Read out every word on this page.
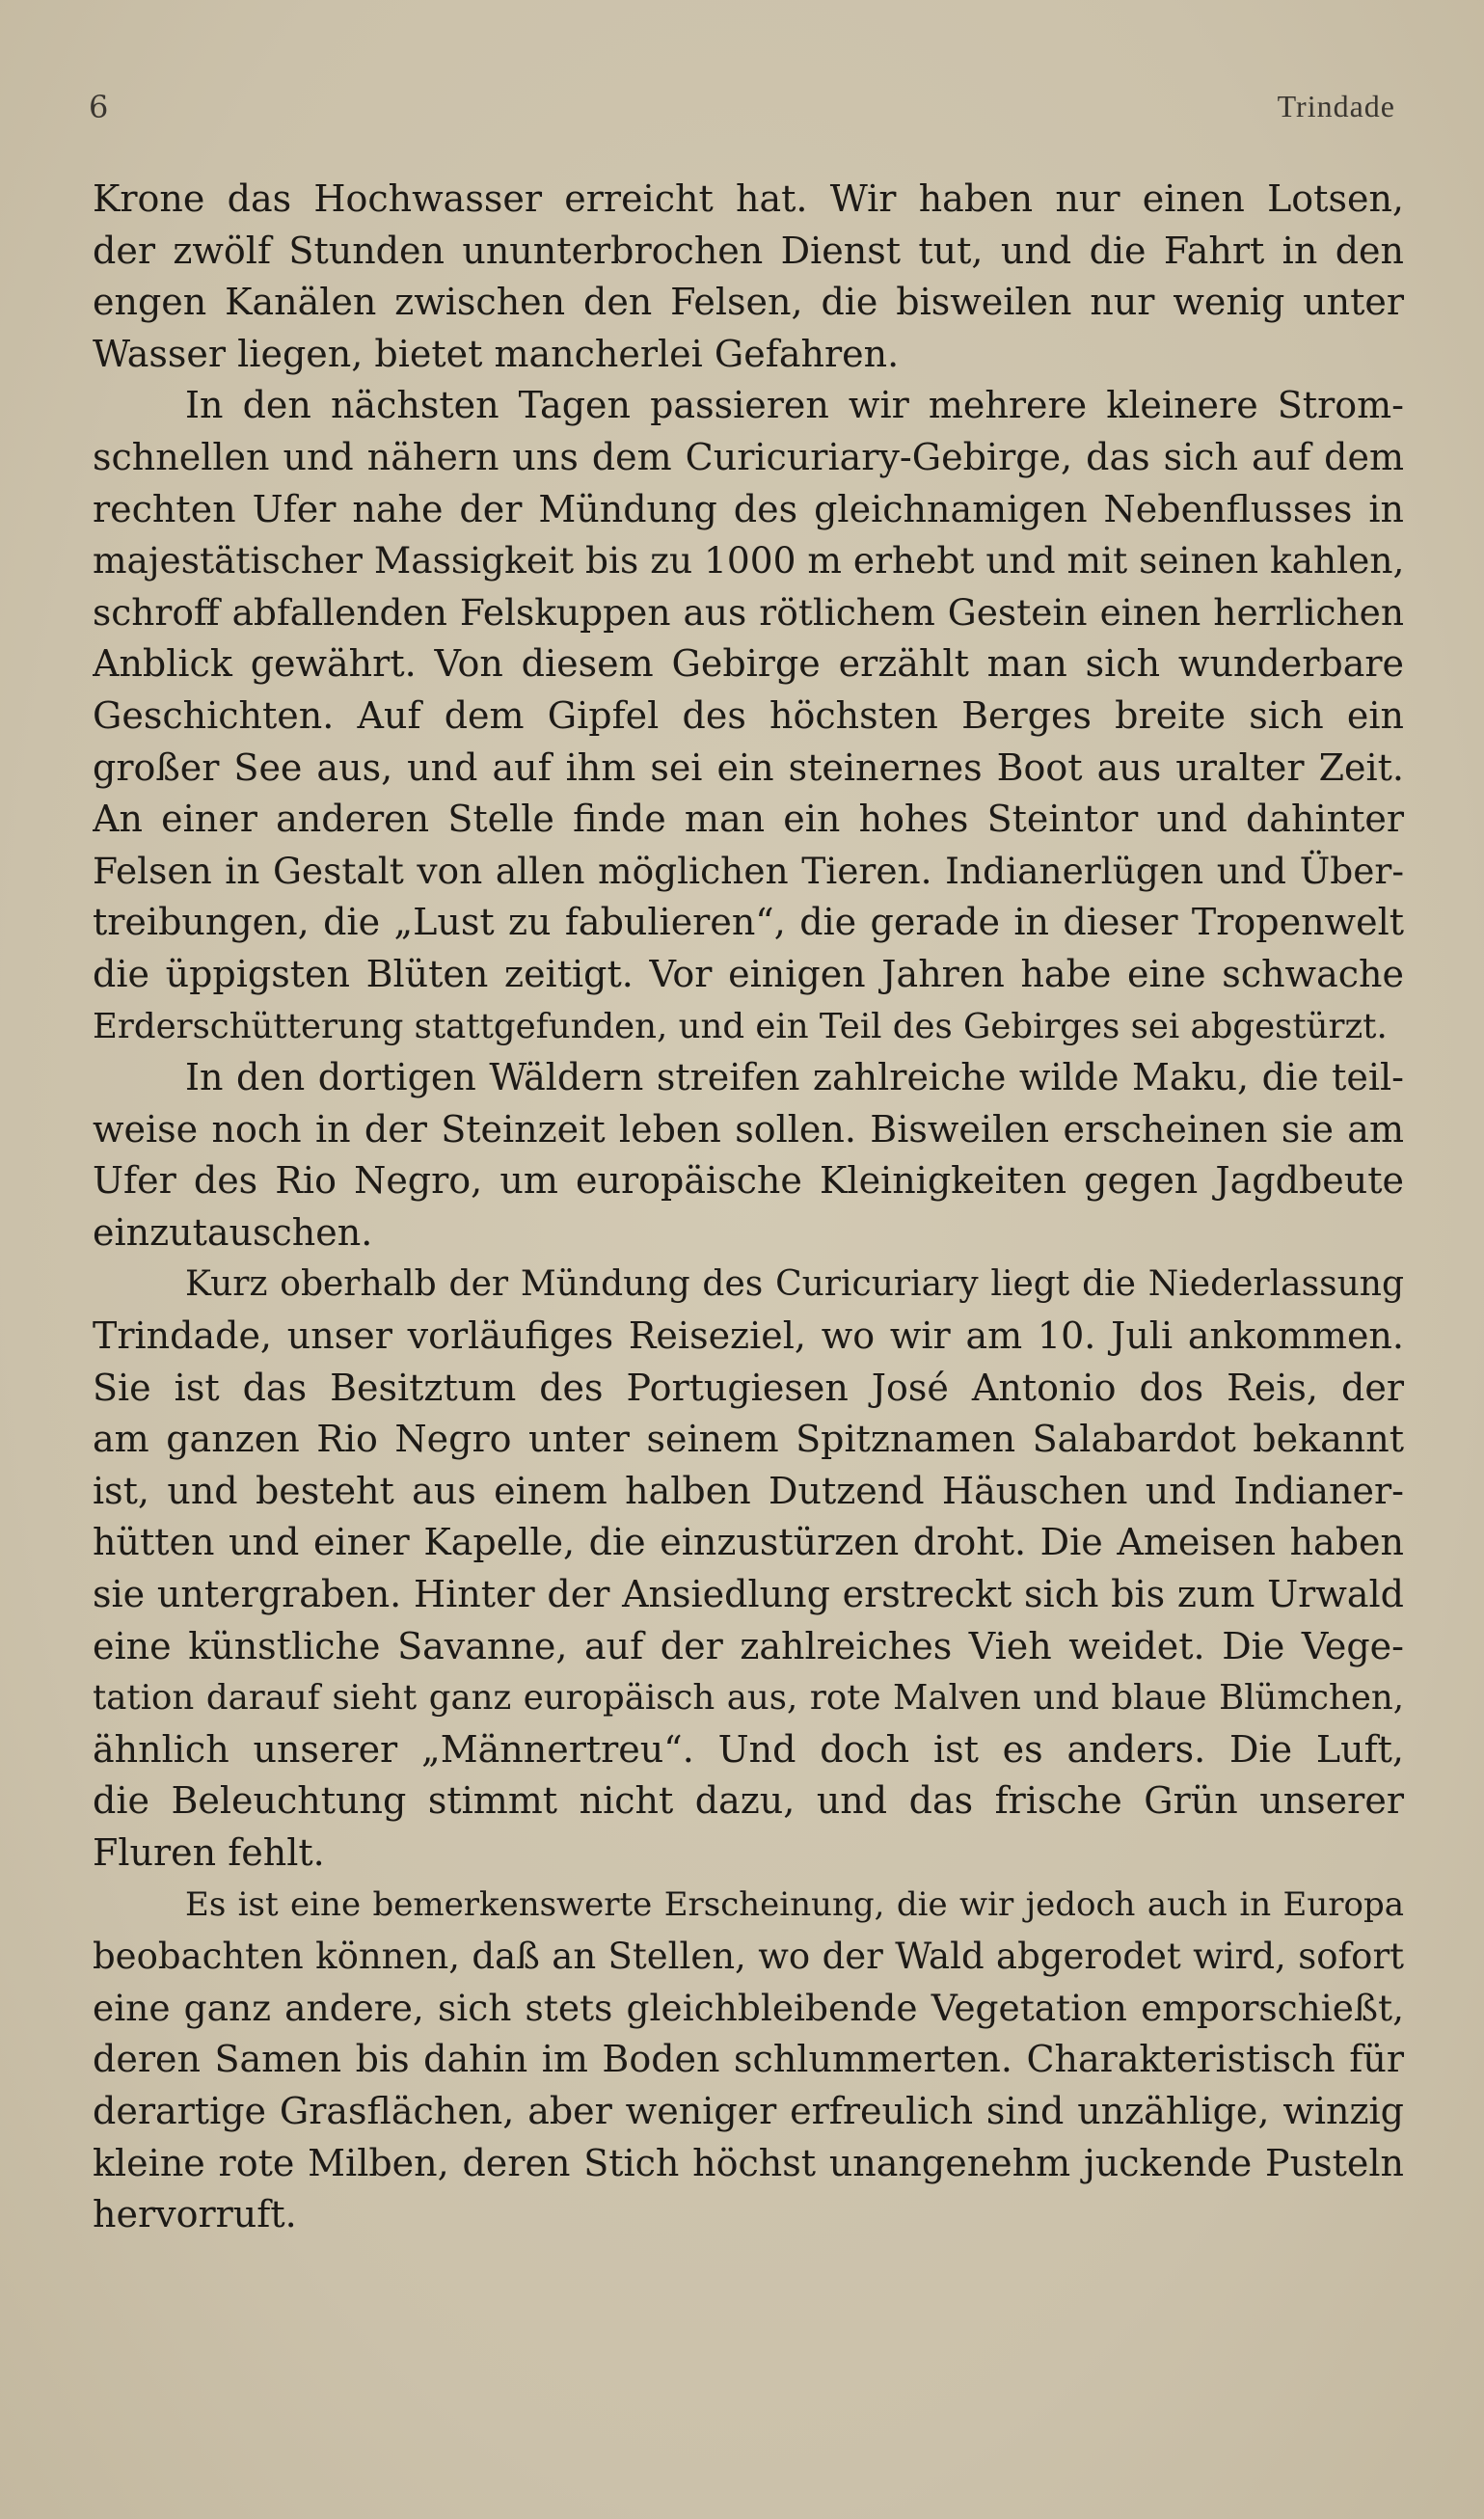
6	Trindade
Krone das Hochwasser erreicht hat. Wir haben nur einen Lotsen,
der zwölf Stunden ununterbrochen Dienst tut, und die Fahrt in den
engen Kanälen zwischen den Felsen, die bisweilen nur wenig unter
Wasser liegen, bietet mancherlei Gefahren.
In den nächsten Tagen passieren wir mehrere kleinere Strom-
schnellen und nähern uns dem Curicuriary-Gebirge, das sich auf dem
rechten Ufer nahe der Mündung des gleichnamigen Nebenflusses in
majestätischer Massigkeit bis zu 1000 m erhebt und mit seinen kahlen,
schroff abfallenden Felskuppen aus rötlichem Gestein einen herrlichen
Anblick gewährt. Von diesem Gebirge erzählt man sich wunderbare
Geschichten. Auf dem Gipfel des höchsten Berges breite sich ein
großer See aus, und auf ihm sei ein steinernes Boot aus uralter Zeit.
An einer anderen Stelle finde man ein hohes Steintor und dahinter
Felsen in Gestalt von allen möglichen Tieren. Indianerlügen und Über-
treibungen, die „Lust zu fabulieren“, die gerade in dieser Tropenwelt
die üppigsten Blüten zeitigt. Vor einigen Jahren habe eine schwache
Erderschütterung stattgefunden, und ein Teil des Gebirges sei abgestürzt.
In den dortigen Wäldern streifen zahlreiche wilde Maku, die teil-
weise noch in der Steinzeit leben sollen. Bisweilen erscheinen sie am
Ufer des Rio Negro, um europäische Kleinigkeiten gegen Jagdbeute
einzutauschen.
Kurz oberhalb der Mündung des Curicuriary liegt die Niederlassung
Trindade, unser vorläufiges Reiseziel, wo wir am 10. Juli ankommen.
Sie ist das Besitztum des Portugiesen José Antonio dos Reis, der
am ganzen Rio Negro unter seinem Spitznamen Salabardot bekannt
ist, und besteht aus einem halben Dutzend Häuschen und Indianer-
hütten und einer Kapelle, die einzustürzen droht. Die Ameisen haben
sie untergraben. Hinter der Ansiedlung erstreckt sich bis zum Urwald
eine künstliche Savanne, auf der zahlreiches Vieh weidet. Die Vege-
tation darauf sieht ganz europäisch aus, rote Malven und blaue Blümchen,
ähnlich unserer „Männertreu“. Und doch ist es anders. Die Luft,
die Beleuchtung stimmt nicht dazu, und das frische Grün unserer
Fluren fehlt.
Es ist eine bemerkenswerte Erscheinung, die wir jedoch auch in Europa
beobachten können, daß an Stellen, wo der Wald abgerodet wird, sofort
eine ganz andere, sich stets gleichbleibende Vegetation emporschießt,
deren Samen bis dahin im Boden schlummerten. Charakteristisch für
derartige Grasflächen, aber weniger erfreulich sind unzählige, winzig
kleine rote Milben, deren Stich höchst unangenehm juckende Pusteln
hervorruft.
